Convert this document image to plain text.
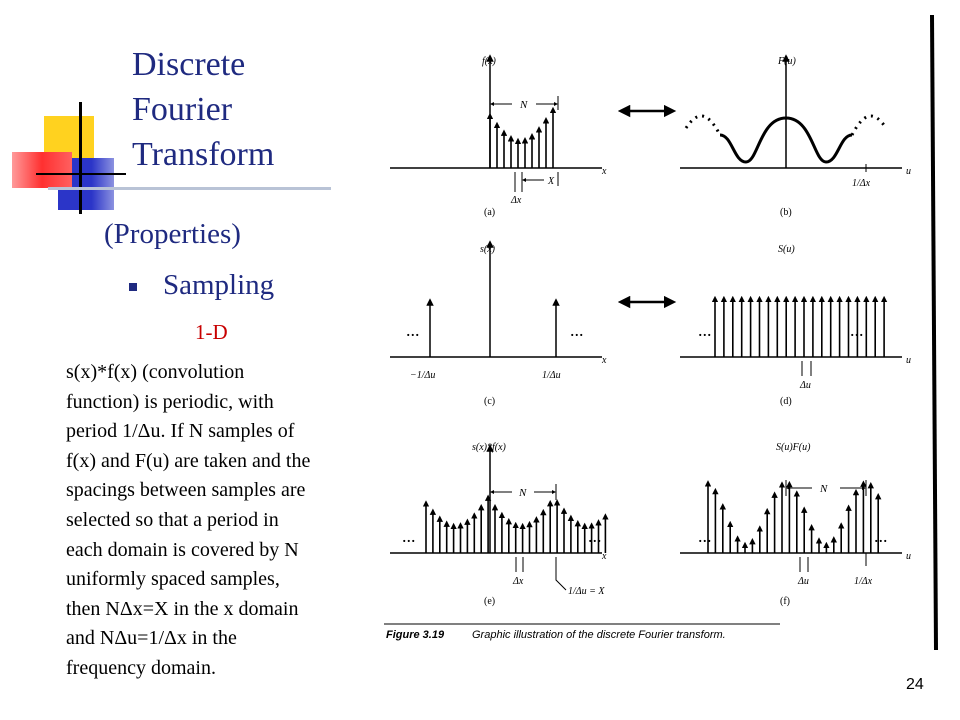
Discrete
Fourier
Transform
(Properties)
Sampling
1-D
s(x)*f(x) (convolution
function) is periodic, with
period 1/Δu. If N samples of
f(x) and F(u) are taken and the
spacings between samples are
selected so that a period in
each domain is covered by N
uniformly spaced samples,
then NΔx=X in the x domain
and NΔu=1/Δx in the
frequency domain.
24
f(x)
x
N
Δx
X
(a)
F(u)
u
1/Δx
(b)
s(x)
x
...	...
−1/Δu	1/Δu
(c)
S(u)
u
...	...
Δu
(d)
s(x)*f(x)
x
N
...	...
Δx
1/Δu = X
(e)
S(u)F(u)
u
N
...	...
Δu	1/Δx
(f)
Figure 3.19	Graphic illustration of the discrete Fourier transform.
